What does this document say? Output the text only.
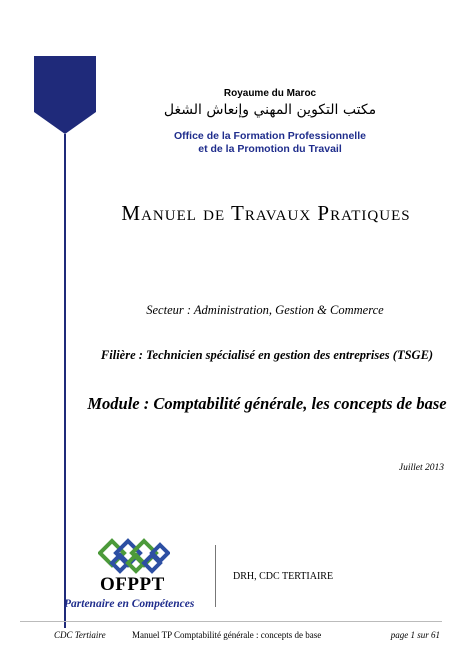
Royaume du Maroc
مكتب التكوين المهني وإنعاش الشغل
Office de la Formation Professionnelle
et de la Promotion du Travail
Manuel de Travaux Pratiques
Secteur : Administration, Gestion & Commerce
Filière : Technicien spécialisé en gestion des entreprises (TSGE)
Module : Comptabilité générale, les concepts de base
Juillet 2013
OFPPT
Partenaire en Compétences
DRH, CDC TERTIAIRE
CDC Tertiaire	Manuel TP Comptabilité générale : concepts de base	page 1 sur 61
